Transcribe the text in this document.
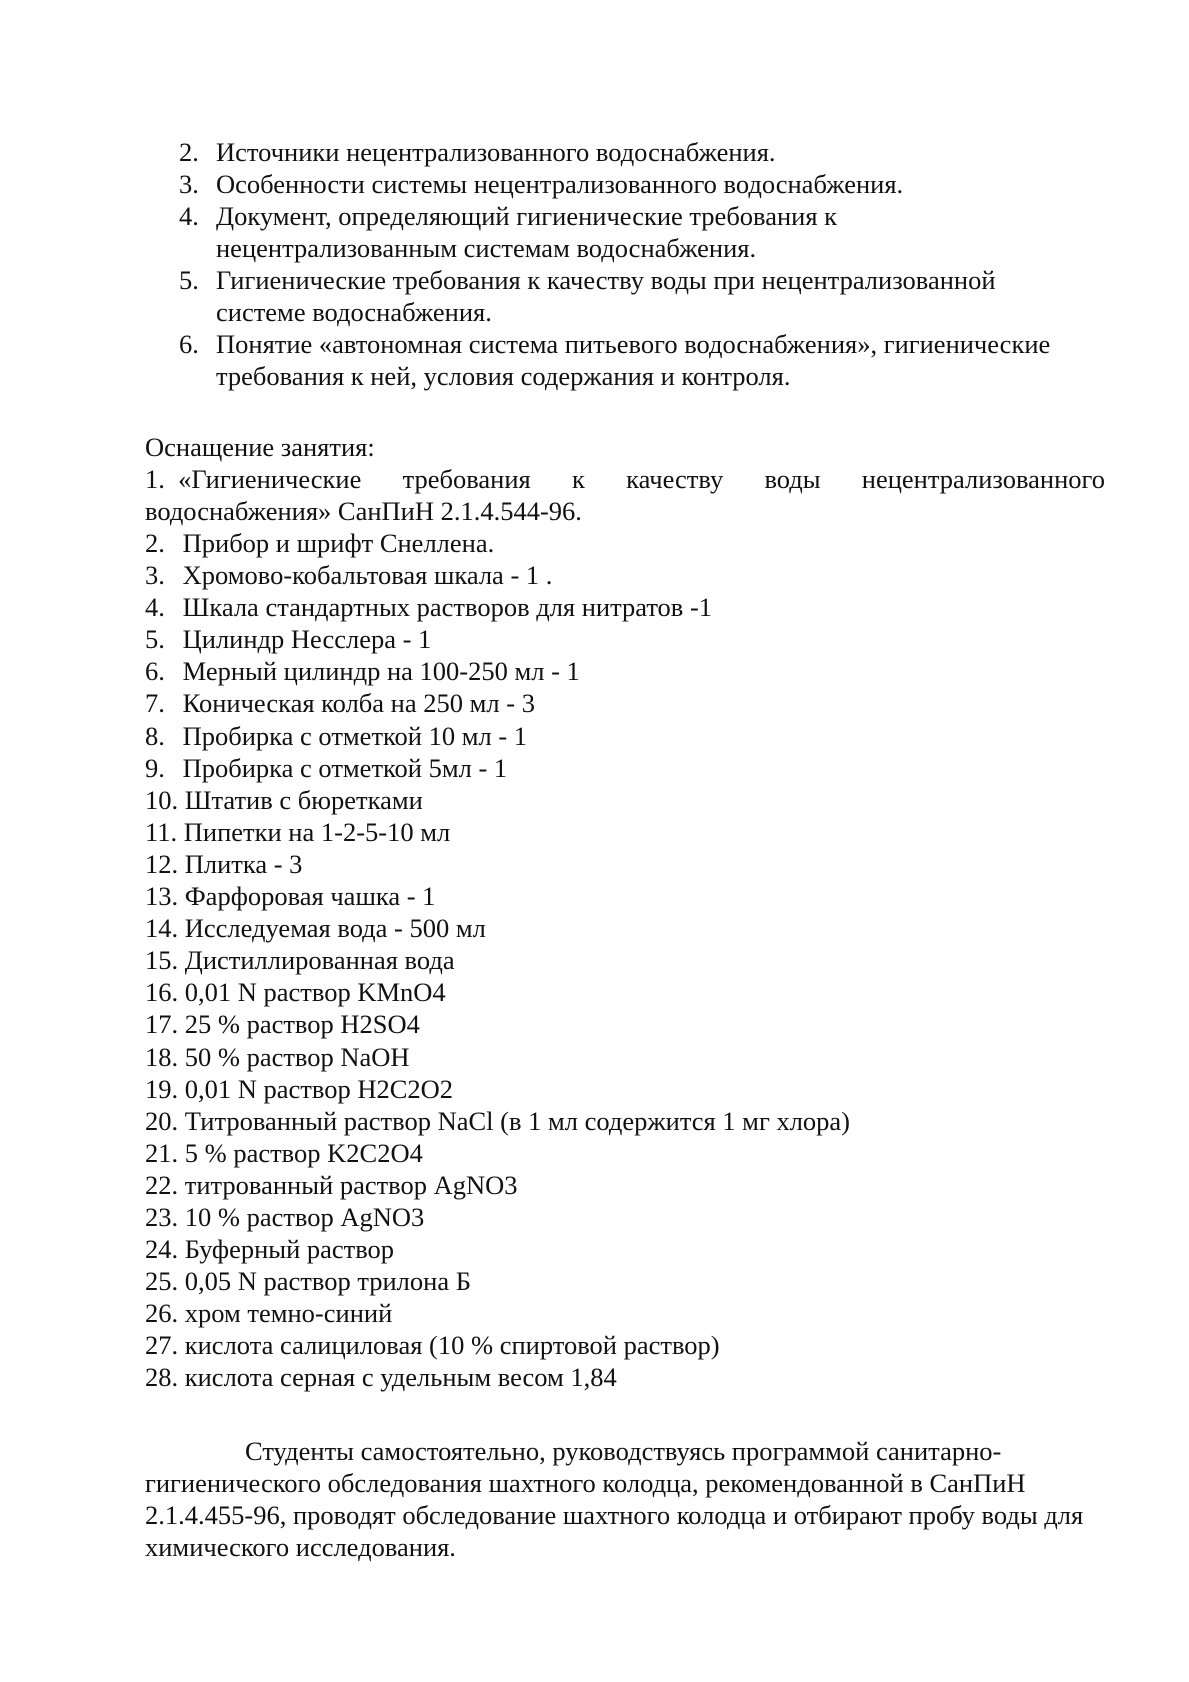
2. Источники нецентрализованного водоснабжения.
3. Особенности системы нецентрализованного водоснабжения.
4. Документ, определяющий гигиенические требования к нецентрализованным системам водоснабжения.
5. Гигиенические требования к качеству воды при нецентрализованной системе водоснабжения.
6. Понятие «автономная система питьевого водоснабжения», гигиенические требования к ней, условия содержания и контроля.
Оснащение занятия:
1. «Гигиенические требования к качеству воды нецентрализованного
водоснабжения» СанПиН 2.1.4.544-96.
2. Прибор и шрифт Снеллена.
3. Хромово-кобальтовая шкала - 1 .
4. Шкала стандартных растворов для нитратов -1
5. Цилиндр Несслера - 1
6. Мерный цилиндр на 100-250 мл - 1
7. Коническая колба на 250 мл - 3
8. Пробирка с отметкой 10 мл - 1
9. Пробирка с отметкой 5мл - 1
10. Штатив с бюретками
11. Пипетки на 1-2-5-10 мл
12. Плитка - 3
13. Фарфоровая чашка - 1
14. Исследуемая вода - 500 мл
15. Дистиллированная вода
16. 0,01 N раствор KMnO4
17. 25 % раствор H2SO4
18. 50 % раствор NaOH
19. 0,01 N раствор H2C2O2
20. Титрованный раствор NaCl (в 1 мл содержится 1 мг хлора)
21. 5 % раствор K2C2O4
22. титрованный раствор AgNO3
23. 10 % раствор AgNO3
24. Буферный раствор
25. 0,05 N раствор трилона Б
26. хром темно-синий
27. кислота салициловая (10 % спиртовой раствор)
28. кислота серная с удельным весом 1,84
Студенты самостоятельно, руководствуясь программой санитарно-гигиенического обследования шахтного колодца, рекомендованной в СанПиН 2.1.4.455-96, проводят обследование шахтного колодца и отбирают пробу воды для химического исследования.
